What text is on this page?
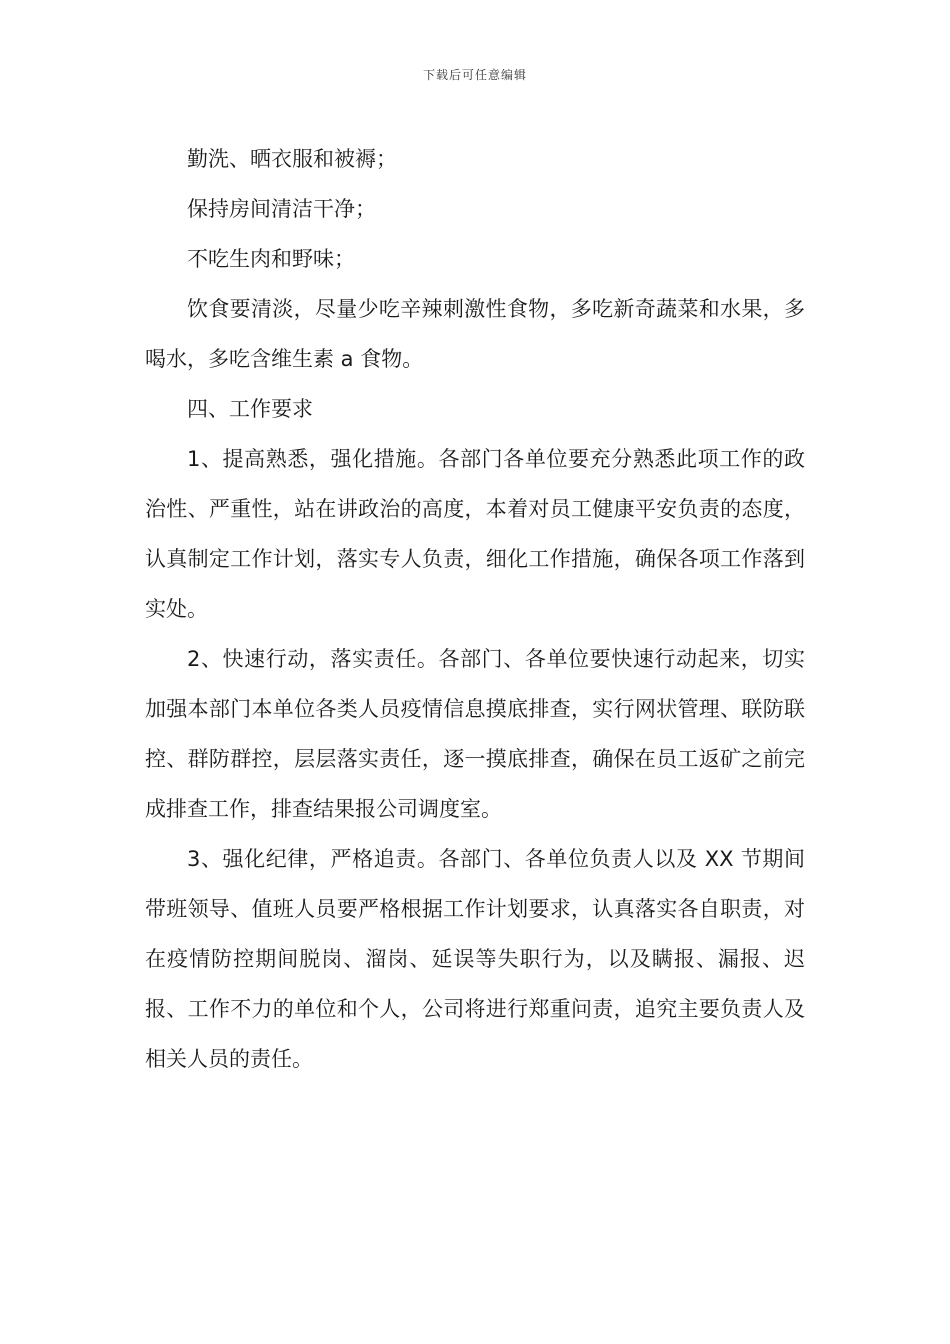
下载后可任意编辑

勤洗、晒衣服和被褥；

保持房间清洁干净；

不吃生肉和野味；

饮食要清淡，尽量少吃辛辣刺激性食物，多吃新奇蔬菜和水果，多喝水，多吃含维生素 a 食物。

四、工作要求

1、提高熟悉，强化措施。各部门各单位要充分熟悉此项工作的政治性、严重性，站在讲政治的高度，本着对员工健康平安负责的态度，认真制定工作计划，落实专人负责，细化工作措施，确保各项工作落到实处。

2、快速行动，落实责任。各部门、各单位要快速行动起来，切实加强本部门本单位各类人员疫情信息摸底排查，实行网状管理、联防联控、群防群控，层层落实责任，逐一摸底排查，确保在员工返矿之前完成排查工作，排查结果报公司调度室。

3、强化纪律，严格追责。各部门、各单位负责人以及 XX 节期间带班领导、值班人员要严格根据工作计划要求，认真落实各自职责，对在疫情防控期间脱岗、溜岗、延误等失职行为，以及瞒报、漏报、迟报、工作不力的单位和个人，公司将进行郑重问责，追究主要负责人及相关人员的责任。
